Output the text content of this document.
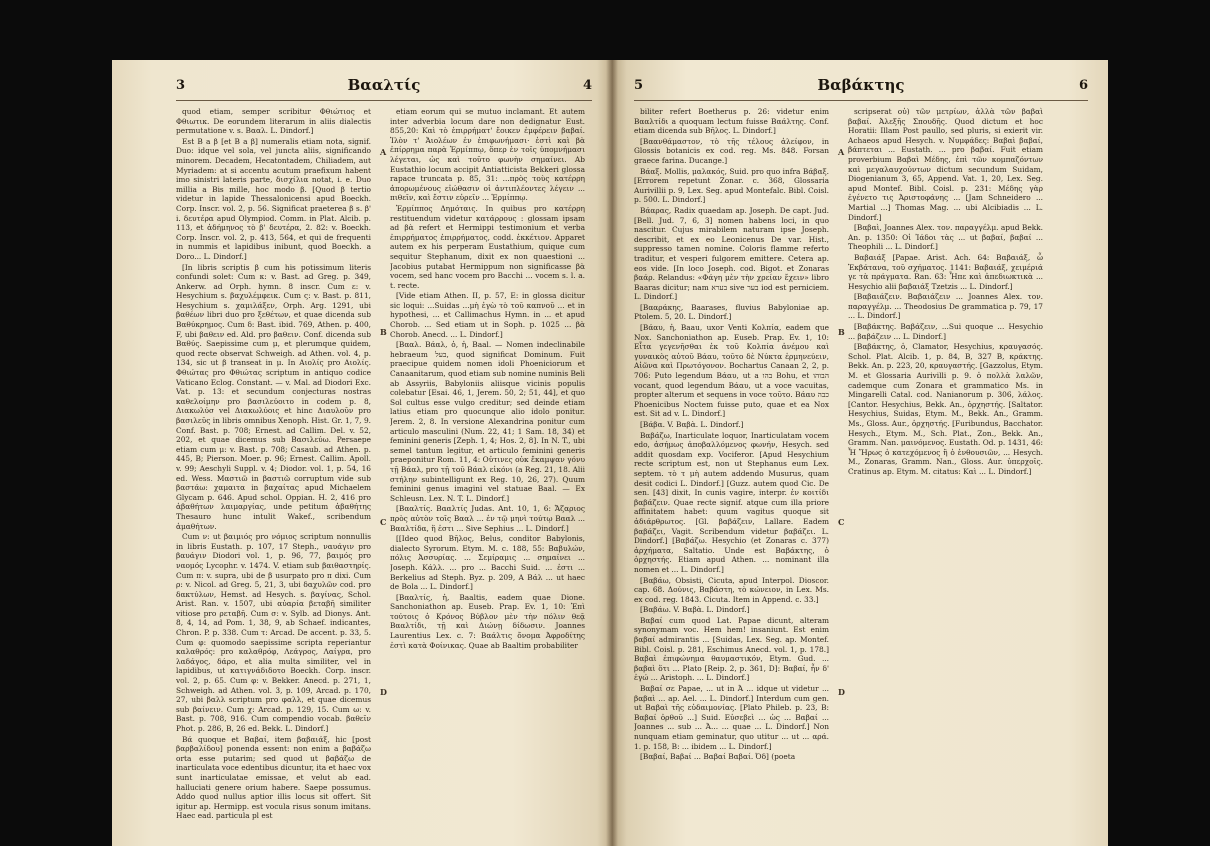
3	Βααλτίς	4

quod etiam, semper scribitur Φθιώτιος et Φθιωτικ. De eorundem literarum in aliis dialectis permutatione v. s. Βααλ. L. Dindorf.]

Est B a β [et B a β] numeralis etiam nota, signif. Duo: idque vel sola, vel juncta aliis, significando minorem. Decadem, Hecatontadem, Chiliadem, aut Myriadem: at si accentu acutum praefixum habent imo sinistri lateris parte, δισχίλια notat, i. e. Duo millia a Bis mille, hoc modo β. [Quod β tertio videtur in lapide Thessalonicensi apud Boeckh. Corp. Inscr. vol. 2, p. 56. Significat praeterea β s. β' i. δευτέρα apud Olympiod. Comm. in Plat. Alcib. p. 113, et ἀδήμηνος τὸ β' δευτέρα, 2. 82: v. Boeckh. Corp. Inscr. vol. 2, p. 413, 564, et qui de frequenti in nummis et lapidibus inibunt, quod Boeckh. a Doro... L. Dindorf.]

[In libris scriptis β cum his potissimum literis confundi solet: Cum κ: v. Bast. ad Greg. p. 349, Ankerw. ad Orph. hymn. 8 inscr. Cum ε: v. Hesychium s. βαχυλέμφεικ. Cum ς: v. Bast. p. 811, Hesychium s. χαμιλάξεν, Orph. Arg. 1291, ubi βαθέων libri duo pro ξεθέτων, et quae dicenda sub Βαθύκρημος. Cum δ: Bast. ibid. 769, Athen. p. 400, F, ubi βαθειν ed. Ald. pro βαθειν. Conf. dicenda sub Βαθύς. Saepissime cum μ, et plerumque quidem, quod recte observat Schweigh. ad Athen. vol. 4, p. 134, sic ut β transeat in μ. In Αιολίς pro Αιολίς. Φθιώτας pro Φθιώτας scriptum in antiquo codice Vaticano Eclog. Constant. — v. Mal. ad Diodori Exc. Vat. p. 13: et secundum conjecturas nostras καθελοίμην pro βασιλεύοιτο in codem p. 8, Διακωλύσ vel Διακωλύοις et hinc Διαυλοῦν pro βασιλεῦς in libris omnibus Xenoph. Hist. Gr. 1, 7, 9. Conf. Bast. p. 708; Ernest. ad Callim. Del. v. 52, 202, et quae dicemus sub Βασιλεύω. Persaepe etiam cum μ: v. Bast. p. 708; Casaub. ad Athen. p. 445, B; Pierson. Moer. p. 96; Ernest. Callim. Apoll. v. 99; Aeschyli Suppl. v. 4; Diodor. vol. 1, p. 54, 16 ed. Wess. Μαστιῶ in βαστιῶ corruptum vide sub βαστάω: χαμαιτα in βαχαίτας apud Michaelem Glycam p. 646. Apud schol. Oppian. H. 2, 416 pro ἀβαθήτων λαιμαργίας, unde petitum ἀβαθήτης Thesauro hunc intulit Wakef., scribendum ἀμαθήτων.

Cum ν: ut βαιμιός pro νόμιος scriptum nonnullis in libris Eustath. p. 107, 17 Steph., ναυάγιν pro βαυάγιν Diodori vol. 1, p. 96, 77, βαιμός pro ναομός Lycophr. v. 1474. V. etiam sub βαιθαστηρίς. Cum π: v. supra, ubi de β usurpato pro π dixi. Cum ρ: v. Nicol. ad Greg. 5, 21, 3, ubi δαχυλῶν cod. pro δακτύλων, Hemst. ad Hesych. s. βαγίνας, Schol. Arist. Ran. v. 1507, ubi αὐαρία βεταβῆ similiter vitiose pro ρεταβῆ. Cum σ: v. Sylb. ad Dionys. Ant. 8, 4, 14, ad Pom. 1, 38, 9, ab Schaef. indicantes, Chron. P. p. 338. Cum τ: Arcad. De accent. p. 33, 5. Cum φ: quomodo saepissime scripta reperiantur καλαθρός: pro καλαθρόφ, Λεάγρος, Λαίγρα, pro λαδάγος, δάρο, et alia multa similiter, vel in lapidibus, ut κατιγνάδιδοτο Boeckh. Corp. inscr. vol. 2, p. 65. Cum φ: v. Bekker. Anecd. p. 271, 1, Schweigh. ad Athen. vol. 3, p. 109, Arcad. p. 170, 27, ubi βαλλ scriptum pro φαλλ, et quae dicemus sub βαίνειν. Cum χ: Arcad. p. 129, 15. Cum ω: v. Bast. p. 708, 916. Cum compendio vocab. βαθεῖν Phot. p. 286, B, 26 ed. Bekk. L. Dindorf.]

Βά quoque et Βαβαί, item βαβαιάξ, hic [post βαρβαλίδου] ponenda essent: non enim a βαβάζω orta esse putarim; sed quod ut βαβάζω de inarticulata voce edentibus dicuntur, ita et haec vox sunt inarticulatae emissae, et velut ab ead. halluciati genere orium habere. Saepe possumus. Addo quod nullus aptior illis locus sit offert. Sit igitur ap. Hermipp. est vocula risus sonum imitans. Haec ead. particula pl est

A
B
C
D

etiam eorum qui se mutuo inclamant. Et autem inter adverbia locum dare non dedignatur Eust. 855,20: Καὶ τὸ ἐπιρρήματ' ἔοικεν ἐμφέρειν βαβαί. Ἰλὸν τ' Ἀιολέων ἐν ἐπιφωνήμασι· ἐστὶ καὶ βὰ ἐπίρρημα παρὰ Ἑρμίππῳ, ὅπερ ἐν τοῖς ὑπομνήμασι λέγεται, ὡς καὶ τοῦτο φωνὴν σημαίνει. Ab Eustathio locum accipit Antiatticista Bekkeri glossa rapace truncata p. 85, 31: ...πρὸς τοὺς κατέρρη ἀπορωμένους εἰώθασιν οἱ ἀντιπλέοντες λέγειν ... πιθεῖν, καὶ ἔστιν εὑρεῖν ... Ἑρμίππῳ.

Ἑρμίππος Δημόταις. In quibus pro κατέρρη restituendum videtur κατάρρους : glossam ipsam ad βὰ refert et Hermippi testimonium et verba ἐπιρρήματος ἐπιρρήματος, codd. ἐκκέτιον. Apparet autem ex his perperam Eustathium, quique cum sequitur Stephanum, dixit ex non quaestioni ... Jacobius putabat Hermippum non significasse βὰ vocem, sed hanc vocem pro Bacchi ... vocem s. l. a. t. recte.

[Vide etiam Athen. II, p. 57, E: in glossa dicitur sic loqui: ...Suidas ...μὴ ἐγὼ τὸ τοῦ καπνοῦ ... et in hypothesi, ... et Callimachus Hymn. in ... et apud Chorob. ... Sed etiam ut in Soph. p. 1025 ... βὰ Chorob. Anecd. ... L. Dindorf.]

[Βααλ. Βάαλ, ὁ, ἡ, Baal. — Nomen indeclinabile hebraeum בעל, quod significat Dominum. Fuit praecipue quidem nomen idoli Phoeniciorum et Canaanitarum, quod etiam sub nomine numinis Beli ab Assyriis, Babyloniis aliisque vicinis populis colebatur [Esai. 46, 1, Jerem. 50, 2; 51, 44], et quo Sol cultus esse vulgo creditur; sed deinde etiam latius etiam pro quocunque alio idolo ponitur. Jerem. 2, 8. In versione Alexandrina ponitur cum articulo masculini (Num. 22, 41; 1 Sam. 18, 34) et feminini generis [Zeph. 1, 4; Hos. 2, 8]. In N. T., ubi semel tantum legitur, et articulo feminini generis praeponitur Rom. 11, 4: Οὐτινες οὐκ ἔκαμψαν γόνυ τῇ Βάαλ, pro τῇ τοῦ Βάαλ εἰκόνι (a Reg. 21, 18. Alii στήλην subintelligunt ex Reg. 10, 26, 27). Quum feminini genus imagini vel statuae Baal. — Ex Schleusn. Lex. N. T. L. Dindorf.]

[Βααλτίς. Βααλτίς Judas. Ant. 10, 1, 6: Ἄζαριος πρὸς αὐτὸν τοῖς Βααλ ... ἐν τῷ μηνὶ τούτῳ Βααλ ... Βααλτίδα, ἥ ἐστι ... Sive Sephius ... L. Dindorf.]

[[Ideo quod Βῆλος, Belus, conditor Babylonis, dialecto Syrorum. Etym. M. c. 188, 55: Βαβυλών, πόλις Ἀσσυρίας. ... Σεμίραμις ... σημαίνει ... Joseph. Κάλλ. ... pro ... Bacchi Suid. ... ἐστι ... Berkelius ad Steph. Byz. p. 209, A Βάλ ... ut haec de Bola ... L. Dindorf.]

[Βααλτίς, ἡ, Baaltis, eadem quae Dione. Sanchoniathon ap. Euseb. Prap. Ev. 1, 10: Ἐπὶ τούτοις ὁ Κρόνος Βύβλον μὲν τὴν πόλιν θεᾷ Βααλτίδι, τῇ καὶ Διώνῃ δίδωσιν. Joannes Laurentius Lex. c. 7: Βαάλτις ὄνομα Ἀφροδίτης ἐστὶ κατὰ Φοίνικας. Quae ab Baaltim probabiliter

5	Βαβάκτης	6

biliter refert Boetherus p. 26: videtur enim Βααλτίδι a quoquam lectum fuisse Βαάλτης. Conf. etiam dicenda sub Βῆλος. L. Dindorf.]

[Βαανθάμαστον, τὸ τῆς τέλους ἀλείφον, in Glossis botanicis ex cod. reg. Ms. 848. Forsan graece farina. Ducange.]

Βάαξ. Mollis, μαλακός, Suid. pro quo infra Βάβαξ. [Errorem repetunt Zonar. c. 368, Glossaria Aurivillii p. 9, Lex. Seg. apud Montefalc. Bibl. Coisl. p. 500. L. Dindorf.]

Βάαρας, Radix quaedam ap. Joseph. De capt. Jud. [Bell. Jud. 7, 6, 3] nomen habens loci, in quo nascitur. Cujus mirabilem naturam ipse Joseph. describit, et ex eo Leonicenus De var. Hist., suppresso tamen nomine. Coloris flamme referto traditur, et vesperi fulgorem emittere. Cetera ap. eos vide. [In loco Joseph. cod. Bigot. et Zonaras βαάρ. Relandus: «Φάγη μὲν τὴν χρείαν ἔχειν» libro Baaras dicitur; nam בערא sive בער iod est perniciem. L. Dindorf.]

[Βααράκης, Baarases, fluvius Babyloniae ap. Ptolem. 5, 20. L. Dindorf.]

[Βάαυ, ἡ, Baau, uxor Venti Κολπία, eadem que Nox. Sanchoniathon ap. Euseb. Prap. Ev. 1, 10: Εἶτα γεγενῆσθαι ἐκ τοῦ Κολπία ἀνέμου καὶ γυναικὸς αὐτοῦ Βάαυ, τοῦτο δὲ Νύκτα ἑρμηνεύειν, Αἰῶνα καὶ Πρωτόγονον. Bochartus Canaan 2, 2, p. 706: Puto legendum Βάαυ, ut a בהו Bohu, et הבוהו vocant, quod legendum Βάαυ, ut a voce vacuitas, propter alterum et sequens in voce τοῦτο. Βάαυ כבה Phoenicibus Noctem fuisse puto, quae et ea Nox est. Sit ad v. L. Dindorf.]

[Βάβα. V. Βαβὰ. L. Dindorf.]

Βαβάζω, Inarticulate loquor, Inarticulatam vocem edo, ἀσήμως ἀποβαλλόμενος φωνήν, Hesych. sed addit quosdam exp. Vociferor. [Apud Hesychium recte scriptum est, non ut Stephanus eum Lex. septem. τὸ τ μὴ autem addendo Musurus, quam desit codici L. Dindorf.] [Guzz. autem quod Cic. De sen. [43] dixit, In cunis vagire, interpr. ἐν κοιτίδι βαβάζειν. Quae recte signif. atque cum illa priore affinitatem habet: quum vagitus quoque sit ἀδιάρθρωτος. [Gl. βαβάζειν, Lallare. Eadem βαβάζει, Vagit. Scribendum videtur βαβάζει. L. Dindorf.] [Βαβάζω. Hesychio (et Zonaras c. 377) ἀρχήματα, Saltatio. Unde est Βαβάκτης, ὁ ὀρχηστής. Etiam apud Athen. ... nominant illa nomen et ... L. Dindorf.]

[Βαβάω, Obsisti, Cicuta, apud Interpol. Dioscor. cap. 68. Δούνις, Βαβάστη, τὸ κώνειον, in Lex. Ms. ex cod. reg. 1843. Cicuta. Item in Append. c. 33.]

[Βαβάω. V. Βαβὰ. L. Dindorf.]

Βαβαί cum quod Lat. Papae dicunt, alteram synonymam voc. Hem hem! insaniunt. Est enim βαβαί admirantis ... [Suidas, Lex. Seg. ap. Montef. Bibl. Coisl. p. 281, Eschimus Anecd. vol. 1, p. 178.] Βαβαὶ ἐπιφώνημα θαυμαστικόν, Etym. Gud. ... βαβαὶ ὅτι ... Plato [Reip. 2, p. 361, D]: Βαβαί, ἦν δ' ἐγώ ... Aristoph. ... L. Dindorf.]

Βαβαί σε Papae, ... ut in Ἀ ... idque ut videtur ... βαβαὶ ... ap. Ael. ... L. Dindorf.] Interdum cum gen. ut Βαβαὶ τῆς εὐδαιμονίας. [Plato Phileb. p. 23, B: Βαβαί ὀρθοῦ ...] Suid. Εὐσεβεὶ ... ὡς ... Βαβαί ... Joannes ... sub ... Ἀ... ... quae ... L. Dindorf.] Non nunquam etiam geminatur, quo utitur ... ut ... αρά. 1. p. 158, B: ... ibidem ... L. Dindorf.]

[Βαβαί, Baβaί ... Βαβαί Βαβαί. Ὀδ] (poeta

A
B
C
D

scripserat οὐ) τῶν μετρίων, ἀλλὰ τῶν βαβαὶ βαβαί. Ἀλεξῆς Σπουδῆς. Quod dictum et hoc Horatii: Illam Post paullo, sed pluris, si exierit vir. Achaeos apud Hesych. v. Νυμφάδες: Βαβαὶ βαβαί, βάπτεται ... Eustath. ... pro βαβαί. Fuit etiam proverbium Βαβαὶ Μέδης, ἐπὶ τῶν κομπαζόντων καὶ μεγαλαυχούντων dictum secundum Suidam, Diogenianum 3, 65, Append. Vat. 1, 20, Lex. Seg. apud Montef. Bibl. Coisl. p. 231: Μέδης γὰρ ἐγένετο τις Ἀριστοφάνης ... [Jam Schneidero ... Martial ...] Thomas Mag. ... ubi Alcibiadis ... L. Dindorf.]

[Βαβαὶ, Joannes Alex. τον. παραγγέλμ. apud Bekk. An. p. 1350: Οἱ Ἰάδοι τὰς ... ut βαβαί, βαβαί ... Theophili ... L. Dindorf.]

Βαβαιάξ [Papae. Arist. Ach. 64: Βαβαιάξ, ὦ Ἐκβάτανα, τοῦ σχήματος. 1141: Βαβαιάξ, χειμέριά γε τὰ πράγματα. Ran. 63: Ἦπε καὶ ἀπεδιωκτικὰ ... Hesychio alii βαβαιάξ Tzetzis ... L. Dindorf.]

[Βαβαιάζειν. Βαβαιάζειν ... Joannes Alex. τον. παραγγέλμ. ... Theodosius De grammatica p. 79, 17 ... L. Dindorf.]

[Βαβάκτης. Βαβάζειν, ...Sui quoque ... Hesychio ... βαβάζειν ... L. Dindorf.]

[Βαβάκτης, ὁ, Clamator, Hesychius, κραυγασός. Schol. Plat. Alcib. 1, p. 84, B, 327 B, κράκτης. Bekk. An. p. 223, 20, κραυγαστής. [Gazzolus, Etym. M. et Glossaria Aurivilli p. 9. ὁ πολλὰ λαλῶν, cademque cum Zonara et grammatico Ms. in Mingarelli Catal. cod. Nanianorum p. 306, λάλος. [Cantor. Hesychius, Bekk. An., ὀρχηστής. [Saltator. Hesychius, Suidas, Etym. M., Bekk. An., Gramm. Ms., Gloss. Aur., ὀρχηστής. [Furibundus, Bacchator. Hesych., Etym. M., Sch. Plat., Zon., Bekk. An., Gramm. Nan. μαινόμενος. Eustath. Od. p. 1431, 46: Ἦ Ἥρως ὁ κατεχόμενος ἢ ὁ ἐνθουσιῶν, ... Hesych. Μ., Zonaras, Gramm. Nan., Gloss. Aur. ὑπερχοῖς. Cratinus ap. Etym. M. citatus: Καὶ ... L. Dindorf.]
